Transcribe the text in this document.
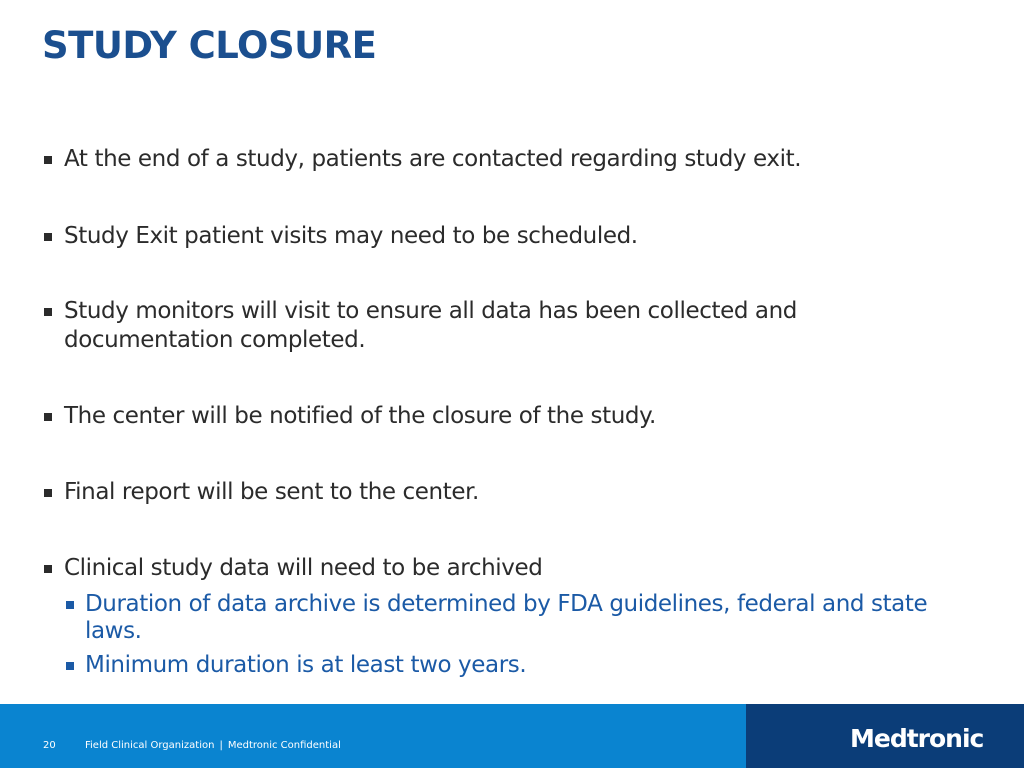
STUDY CLOSURE
At the end of a study, patients are contacted regarding study exit.
Study Exit patient visits may need to be scheduled.
Study monitors will visit to ensure all data has been collected and documentation completed.
The center will be notified of the closure of the study.
Final report will be sent to the center.
Clinical study data will need to be archived
Duration of data archive is determined by FDA guidelines, federal and state laws.
Minimum duration is at least two years.
20	Field Clinical Organization | Medtronic Confidential	Medtronic
